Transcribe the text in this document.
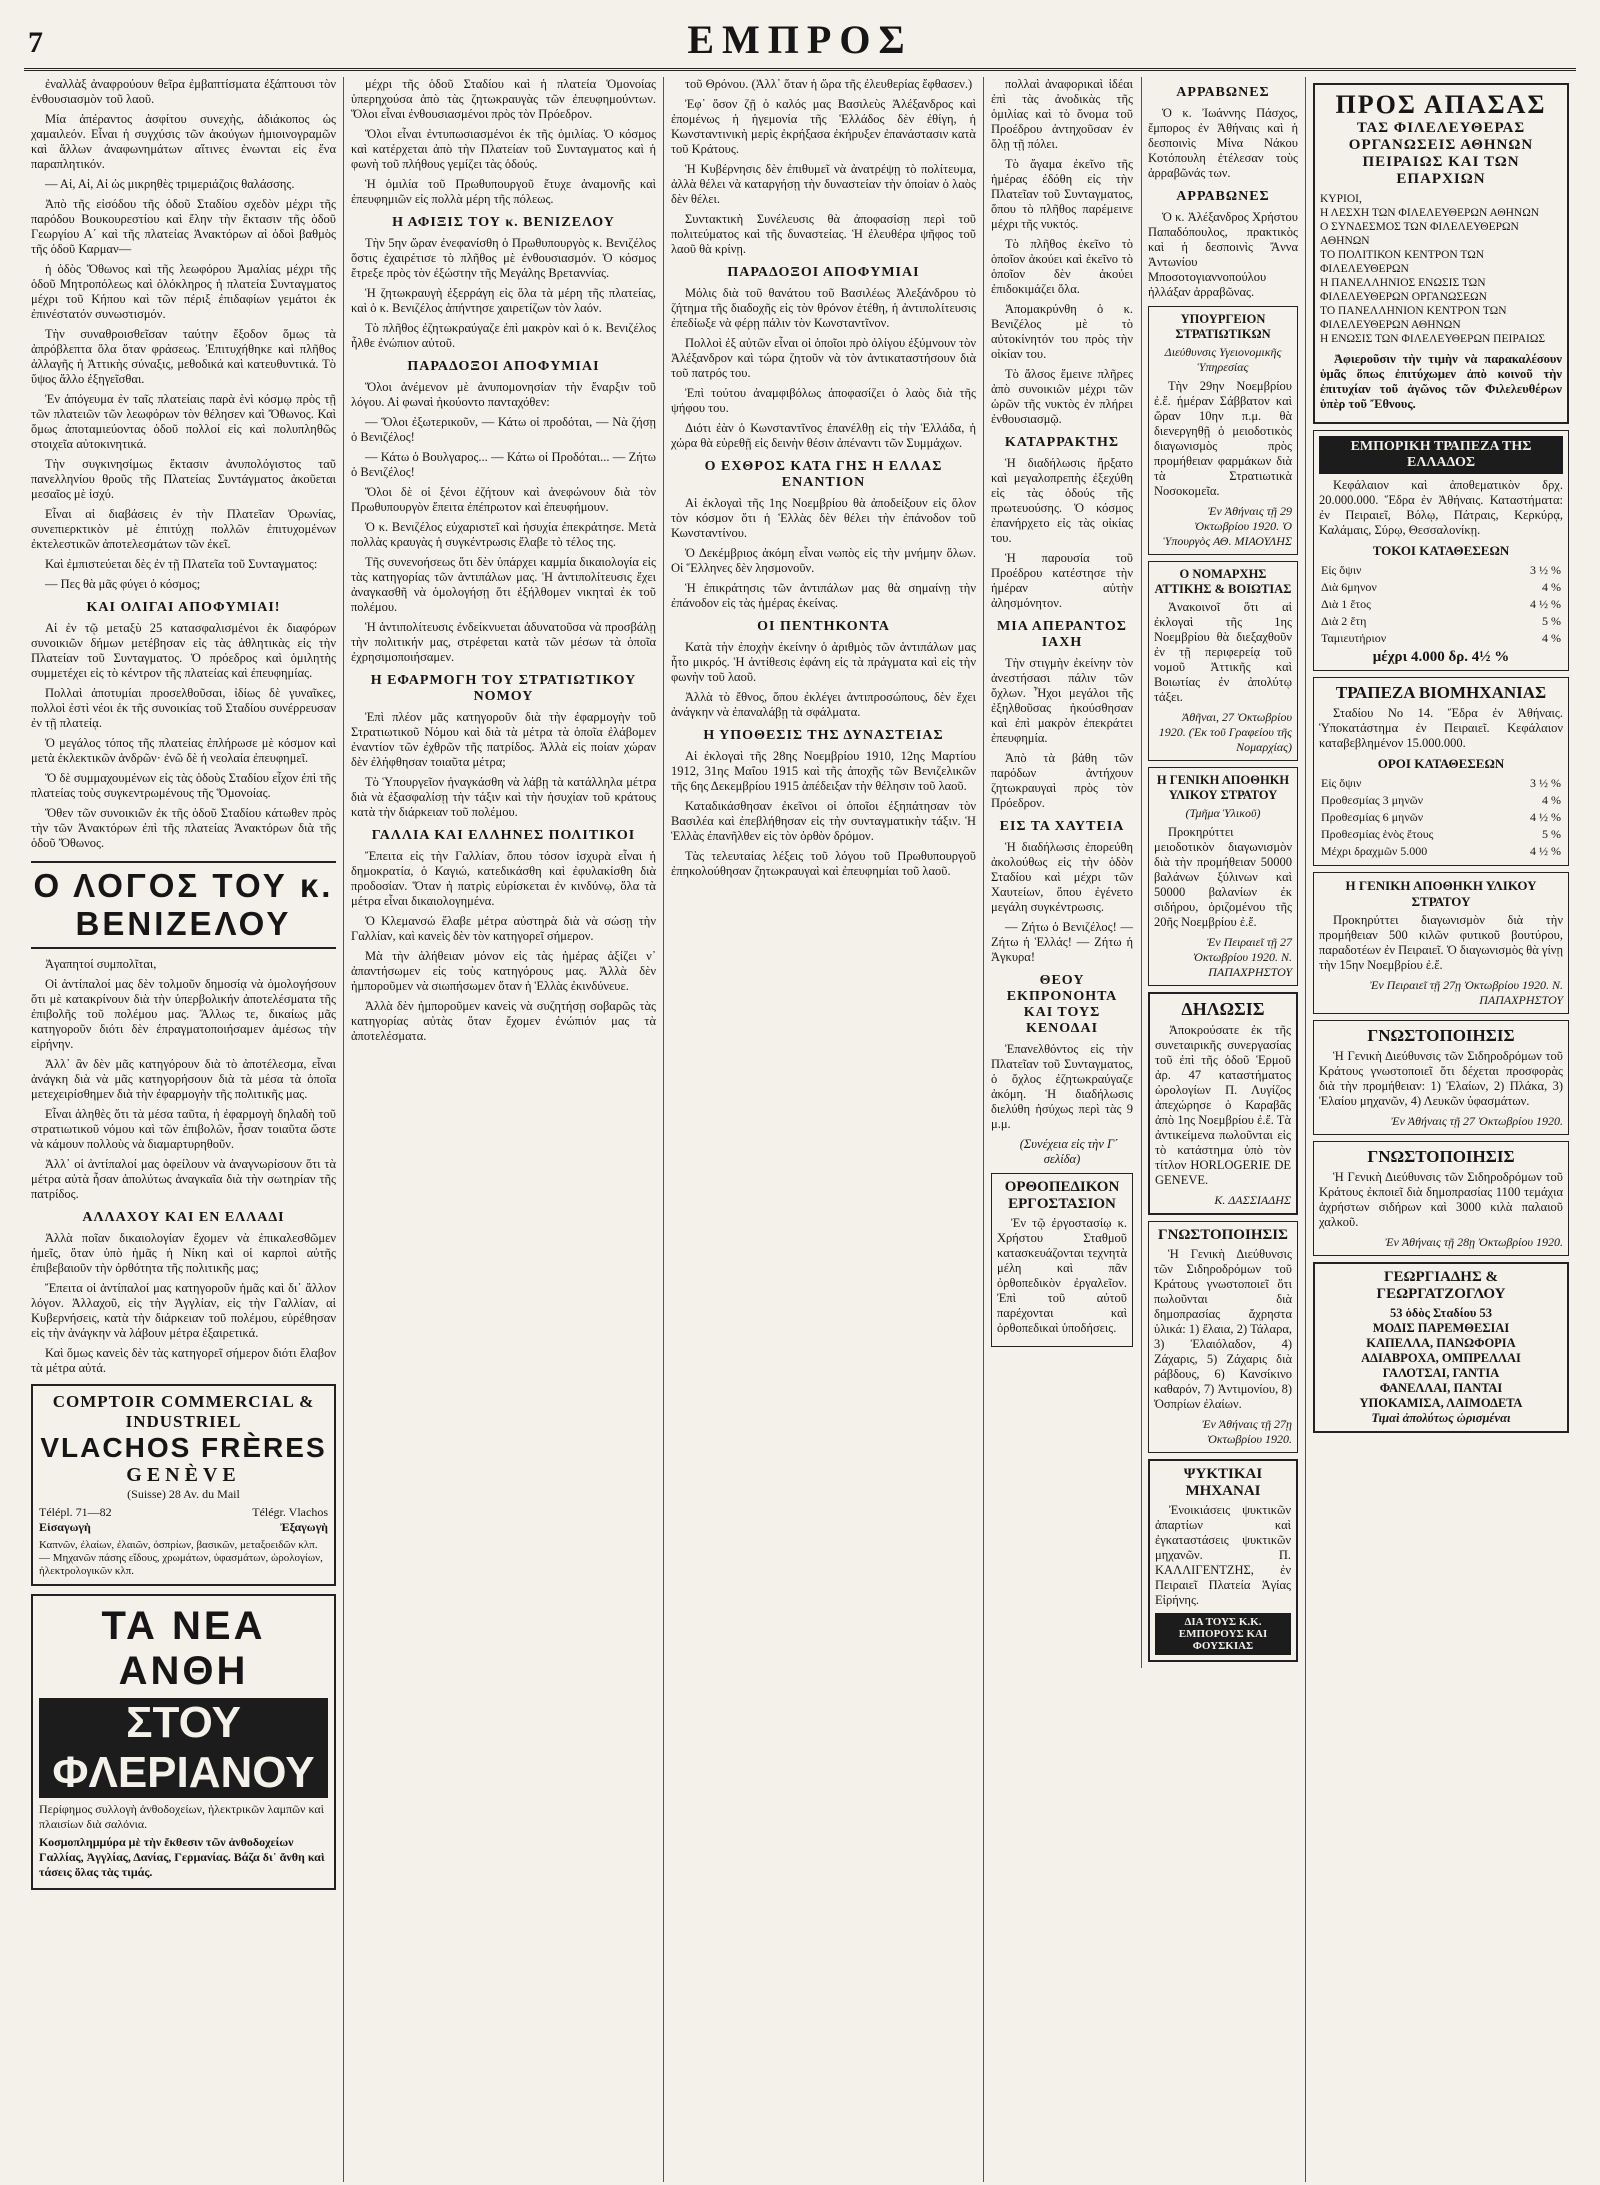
7	ΕΜΠΡΟΣ

ἐναλλὰξ ἀναφρούουν θεῖρα ἐμβαπτίσματα ἐξάπτουσι τὸν ἐνθουσιασμὸν τοῦ λαοῦ.

Μία ἀπέραντος ἀσφίτου συνεχὴς, ἀδιάκοπος ὡς χαμαιλεόν. Εἶναι ἡ συγχύσις τῶν ἀκούγων ἡμιοινογραμῶν καὶ ἄλλων ἀναφωνημάτων αἵτινες ἐνωνται εἰς ἕνα παραπλητικόν.

— Αἱ, Αἱ, Αἱ ὡς μικρηθὲς τριμεριάζοις θαλάσσης.

Ἀπὸ τῆς εἰσόδου τῆς ὁδοῦ Σταδίου σχεδὸν μέχρι τῆς παρόδου Βουκουρεστίου καὶ ἔλην τὴν ἔκτασιν τῆς ὁδοῦ Γεωργίου Α΄ καὶ τῆς πλατείας Ἀνακτόρων αἱ ὁδοὶ βαθμὸς τῆς ὁδοῦ Καρμαν—

ἡ ὁδὸς Ὄθωνος καὶ τῆς λεωφόρου Ἀμαλίας μέχρι τῆς ὁδοῦ Μητροπόλεως καὶ ὁλόκληρος ἡ πλατεία Συνταγματος μέχρι τοῦ Κήπου καὶ τῶν πέριξ ἐπιδαφίων γεμάτοι ἐκ ἐπινέστατόν συνωστισμόν.

Τὴν συναθροισθεῖσαν ταύτην ἔξοδον ὅμως τὰ ἀπρόβλεπτα ὅλα ὅταν φράσεως. Ἐπιτυχήθηκε καὶ πλῆθος ἀλλαγῆς ἡ Ἀττικὴς σύναξις, μεθοδικά καὶ κατευθυντικά. Τὸ ὕψος ἄλλο ἐξηγεῖσθαι.

Ἐν ἀπόγευμα ἐν ταῖς πλατείαις παρὰ ἑνὶ κόσμῳ πρὸς τῇ τῶν πλατειῶν τῶν λεωφόρων τὸν θέλησεν καὶ Ὄθωνος. Καὶ ὅμως ἀποταμιεύοντας ὁδοῦ πολλοί εἰς καὶ πολυπληθῶς στοιχεῖα αὐτοκινητικά.

Τὴν συγκινησίμως ἔκτασιν ἀνυπολόγιστος ταῦ πανελληνίου θροῦς τῆς Πλατείας Συντάγματος ἀκοῦεται μεσαῖος μὲ ἰσχύ.

Εἶναι αἱ διαβάσεις ἐν τὴν Πλατεῖαν Ὀρωνίας, συνεπιερκτικὸν μὲ ἐπιτύχῃ πολλῶν ἐπιτυχομένων ἐκτελεστικῶν ἀποτελεσμάτων τῶν ἐκεῖ.

Καὶ ἐμπιστεύεται δὲς ἐν τῇ Πλατεῖα τοῦ Συνταγματος:

— Πες θὰ μᾶς φύγει ὁ κόσμος;

ΚΑΙ ΟΛΙΓΑΙ ΑΠΟΦΥΜΙΑΙ!

Αἱ ἐν τῷ μεταξὺ 25 κατασφαλισμένοι ἐκ διαφόρων συνοικιῶν δήμων μετέβησαν εἰς τὰς ἀθλητικὰς εἰς τὴν Πλατείαν τοῦ Συνταγματος. Ὁ πρόεδρος καὶ ὁμιλητὴς συμμετέχει εἰς τὸ κέντρον τῆς πλατείας καὶ ἐπευφημίας.

Πολλαὶ ἀποτυμίαι προσελθοῦσαι, ἰδίως δὲ γυναῖκες, πολλοὶ ἐστὶ νέοι ἐκ τῆς συνοικίας τοῦ Σταδίου συνέρρευσαν ἐν τῇ πλατείᾳ.

Ὁ μεγάλος τόπος τῆς πλατείας ἐπλήρωσε μὲ κόσμον καὶ μετὰ ἐκλεκτικῶν ἀνδρῶν· ἐνῶ δὲ ἡ νεολαία ἐπευφημεῖ.

Ὅ δὲ συμμαχουμένων εἰς τὰς ὁδοὺς Σταδίου εἶχον ἐπὶ τῆς πλατείας τοὺς συγκεντρωμένους τῆς Ὅμονοίας.

Ὅθεν τῶν συνοικιῶν ἐκ τῆς ὁδοῦ Σταδίου κάτωθεν πρὸς τὴν τῶν Ἀνακτόρων ἐπὶ τῆς πλατείας Ἀνακτόρων διὰ τῆς ὁδοῦ Ὄθωνος.

Ο ΛΟΓΟΣ ΤΟΥ κ. ΒΕΝΙΖΕΛΟΥ

Ἀγαπητοί συμπολῖται,

Οἱ ἀντίπαλοί μας δὲν τολμοῦν δημοσίᾳ νὰ ὁμολογήσουν ὅτι μὲ κατακρίνουν διὰ τὴν ὑπερβολικήν ἀποτελέσματα τῆς ἐπιβολῆς τοῦ πολέμου μας. Ἄλλως τε, δικαίως μᾶς κατηγοροῦν διότι δὲν ἐπραγματοποιήσαμεν ἀμέσως τὴν εἰρήνην.

Ἀλλ᾽ ἂν δὲν μᾶς κατηγόρουν διὰ τὸ ἀποτέλεσμα, εἶναι ἀνάγκη διὰ νὰ μᾶς κατηγορήσουν διὰ τὰ μέσα τὰ ὁποῖα μετεχειρίσθημεν διὰ τὴν ἐφαρμογὴν τῆς πολιτικῆς μας.

Εἶναι ἀληθὲς ὅτι τὰ μέσα ταῦτα, ἡ ἐφαρμογὴ δηλαδὴ τοῦ στρατιωτικοῦ νόμου καὶ τῶν ἐπιβολῶν, ἦσαν τοιαῦτα ὥστε νὰ κάμουν πολλοὺς νὰ διαμαρτυρηθοῦν.

Ἀλλ᾽ οἱ ἀντίπαλοί μας ὀφείλουν νὰ ἀναγνωρίσουν ὅτι τὰ μέτρα αὐτὰ ἦσαν ἀπολύτως ἀναγκαῖα διὰ τὴν σωτηρίαν τῆς πατρίδος.

ΑΛΛΑΧΟΥ ΚΑΙ ΕΝ ΕΛΛΑΔΙ

Ἀλλὰ ποῖαν δικαιολογίαν ἔχομεν νὰ ἐπικαλεσθῶμεν ἡμεῖς, ὅταν ὑπὸ ἡμᾶς ἡ Νίκη καὶ οἱ καρποὶ αὐτῆς ἐπιβεβαιοῦν τὴν ὀρθότητα τῆς πολιτικῆς μας;

Ἔπειτα οἱ ἀντίπαλοί μας κατηγοροῦν ἡμᾶς καὶ δι᾽ ἄλλον λόγον. Ἀλλαχοῦ, εἰς τὴν Ἀγγλίαν, εἰς τὴν Γαλλίαν, αἱ Κυβερνήσεις, κατὰ τὴν διάρκειαν τοῦ πολέμου, εὑρέθησαν εἰς τὴν ἀνάγκην νὰ λάβουν μέτρα ἐξαιρετικά.

Καὶ ὅμως κανεὶς δὲν τὰς κατηγορεῖ σήμερον διότι ἔλαβον τὰ μέτρα αὐτά.

COMPTOIR COMMERCIAL & INDUSTRIEL
VLACHOS FRÈRES
GENÈVE
(Suisse) 28 Av. du Mail
Télépl. 71—82	Télégr. Vlachos
Εἰσαγωγὴ	Ἐξαγωγὴ
Καπνῶν, ἐλαίων, ἐλαιῶν, ὀσπρίων, βασικῶν, μεταξοειδῶν κλπ. — Μηχανῶν πάσης εἴδους, χρωμάτων, ὑφασμάτων, ὡρολογίων, ἠλεκτρολογικῶν κλπ.
ΤΑ ΝΕΑ ΑΝΘΗ
ΣΤΟΥ ΦΛΕΡΙΑΝΟΥ
Περίφημος συλλογὴ ἀνθοδοχείων, ἠλεκτρικῶν λαμπῶν καὶ πλαισίων διὰ σαλόνια.
Κοσμοπλημμύρα μὲ τὴν ἔκθεσιν τῶν ἀνθοδοχείων Γαλλίας, Ἀγγλίας, Δανίας, Γερμανίας. Βάζα δι᾽ ἄνθη καὶ τάσεις ὅλας τὰς τιμάς.

μέχρι τῆς ὁδοῦ Σταδίου καὶ ἡ πλατεία Ὁμονοίας ὑπερηχούσα ἀπὸ τὰς ζητωκραυγὰς τῶν ἐπευφημούντων. Ὅλοι εἶναι ἐνθουσιασμένοι πρὸς τὸν Πρόεδρον.

Ὅλοι εἶναι ἐντυπωσιασμένοι ἐκ τῆς ὁμιλίας. Ὁ κόσμος καὶ κατέρχεται ἀπὸ τὴν Πλατείαν τοῦ Συνταγματος καὶ ἡ φωνὴ τοῦ πλήθους γεμίζει τὰς ὁδούς.

Ἡ ὁμιλία τοῦ Πρωθυπουργοῦ ἔτυχε ἀναμονῆς καὶ ἐπευφημιῶν εἰς πολλὰ μέρη τῆς πόλεως.

Η ΑΦΙΞΙΣ ΤΟΥ κ. ΒΕΝΙΖΕΛΟΥ

Τὴν 5ην ὥραν ἐνεφανίσθη ὁ Πρωθυπουργὸς κ. Βενιζέλος ὅστις ἐχαιρέτισε τὸ πλῆθος μὲ ἐνθουσιασμόν. Ὁ κόσμος ἔτρεξε πρὸς τὸν ἐξώστην τῆς Μεγάλης Βρεταννίας.

Ἡ ζητωκραυγὴ ἐξερράγη εἰς ὅλα τὰ μέρη τῆς πλατείας, καὶ ὁ κ. Βενιζέλος ἀπήντησε χαιρετίζων τὸν λαόν.

Τὸ πλῆθος ἐζητωκραύγαζε ἐπὶ μακρὸν καὶ ὁ κ. Βενιζέλος ἦλθε ἐνώπιον αὐτοῦ.

ΠΑΡΑΔΟΞΟΙ ΑΠΟΦΥΜΙΑΙ

Ὅλοι ἀνέμενον μὲ ἀνυπομονησίαν τὴν ἔναρξιν τοῦ λόγου. Αἱ φωναὶ ἠκούοντο πανταχόθεν:

— Ὅλοι ἐξωτερικοῦν, — Κάτω οἱ προδόται, — Νὰ ζήσῃ ὁ Βενιζέλος!

— Κάτω ὁ Βουλγαρος... — Κάτω οἱ Προδόται... — Ζήτω ὁ Βενιζέλος!

Ὅλοι δὲ οἱ ξένοι ἐζήτουν καὶ ἀνεφώνουν διὰ τὸν Πρωθυπουργὸν ἔπειτα ἐπέπρωτον καὶ ἐπευφήμουν.

Ὁ κ. Βενιζέλος εὐχαριστεῖ καὶ ἡσυχία ἐπεκράτησε. Μετὰ πολλὰς κραυγὰς ἡ συγκέντρωσις ἔλαβε τὸ τέλος της.

Τῆς συνενοήσεως ὅτι δὲν ὑπάρχει καμμία δικαιολογία εἰς τὰς κατηγορίας τῶν ἀντιπάλων μας. Ἡ ἀντιπολίτευσις ἔχει ἀναγκασθῆ νὰ ὁμολογήσῃ ὅτι ἐξήλθομεν νικηταὶ ἐκ τοῦ πολέμου.

Ἡ ἀντιπολίτευσις ἐνδείκνυεται ἀδυνατοῦσα νὰ προσβάλῃ τὴν πολιτικήν μας, στρέφεται κατὰ τῶν μέσων τὰ ὁποῖα ἐχρησιμοποιήσαμεν.

Η ΕΦΑΡΜΟΓΗ ΤΟΥ ΣΤΡΑΤΙΩΤΙΚΟΥ ΝΟΜΟΥ

Ἐπὶ πλέον μᾶς κατηγοροῦν διὰ τὴν ἐφαρμογὴν τοῦ Στρατιωτικοῦ Νόμου καὶ διὰ τὰ μέτρα τὰ ὁποῖα ἐλάβομεν ἐναντίον τῶν ἐχθρῶν τῆς πατρίδος. Ἀλλὰ εἰς ποίαν χώραν δὲν ἐλήφθησαν τοιαῦτα μέτρα;

Τὸ Ὑπουργεῖον ἠναγκάσθη νὰ λάβῃ τὰ κατάλληλα μέτρα διὰ νὰ ἐξασφαλίσῃ τὴν τάξιν καὶ τὴν ἡσυχίαν τοῦ κράτους κατὰ τὴν διάρκειαν τοῦ πολέμου.

ΓΑΛΛΙΑ ΚΑΙ ΕΛΛΗΝΕΣ ΠΟΛΙΤΙΚΟΙ

Ἔπειτα εἰς τὴν Γαλλίαν, ὅπου τόσον ἰσχυρὰ εἶναι ἡ δημοκρατία, ὁ Καγιώ, κατεδικάσθη καὶ ἐφυλακίσθη διὰ προδοσίαν. Ὅταν ἡ πατρὶς εὑρίσκεται ἐν κινδύνῳ, ὅλα τὰ μέτρα εἶναι δικαιολογημένα.

Ὁ Κλεμανσώ ἔλαβε μέτρα αὐστηρὰ διὰ νὰ σώσῃ τὴν Γαλλίαν, καὶ κανεὶς δὲν τὸν κατηγορεῖ σήμερον.

Μὰ τὴν ἀλήθειαν μόνον εἰς τὰς ἡμέρας ἀξίζει ν᾽ ἀπαντήσωμεν εἰς τοὺς κατηγόρους μας. Ἀλλὰ δὲν ἠμποροῦμεν νὰ σιωπήσωμεν ὅταν ἡ Ἑλλὰς ἐκινδύνευε.

Ἀλλὰ δὲν ἠμποροῦμεν κανεὶς νὰ συζητήσῃ σοβαρῶς τὰς κατηγορίας αὐτὰς ὅταν ἔχομεν ἐνώπιόν μας τὰ ἀποτελέσματα.

τοῦ Θρόνου. (Ἀλλ᾽ ὅταν ἡ ὥρα τῆς ἐλευθερίας ἔφθασεν.)

Ἐφ᾽ ὅσον ζῇ ὁ καλός μας Βασιλεὺς Ἀλέξανδρος καὶ ἐπομένως ἡ ἡγεμονία τῆς Ἑλλάδος δὲν ἐθίγη, ἡ Κωνσταντινικὴ μερὶς ἐκρήξασα ἐκήρυξεν ἐπανάστασιν κατὰ τοῦ Κράτους.

Ἡ Κυβέρνησις δὲν ἐπιθυμεῖ νὰ ἀνατρέψῃ τὸ πολίτευμα, ἀλλὰ θέλει νὰ καταργήσῃ τὴν δυναστείαν τὴν ὁποίαν ὁ λαὸς δὲν θέλει.

Συντακτικὴ Συνέλευσις θὰ ἀποφασίσῃ περὶ τοῦ πολιτεύματος καὶ τῆς δυναστείας. Ἡ ἐλευθέρα ψῆφος τοῦ λαοῦ θὰ κρίνῃ.

ΠΑΡΑΔΟΞΟΙ ΑΠΟΦΥΜΙΑΙ

Μόλις διὰ τοῦ θανάτου τοῦ Βασιλέως Ἀλεξάνδρου τὸ ζήτημα τῆς διαδοχῆς εἰς τὸν θρόνον ἐτέθη, ἡ ἀντιπολίτευσις ἐπεδίωξε νὰ φέρῃ πάλιν τὸν Κωνσταντῖνον.

Πολλοὶ ἐξ αὐτῶν εἶναι οἱ ὁποῖοι πρὸ ὀλίγου ἐξύμνουν τὸν Ἀλέξανδρον καὶ τώρα ζητοῦν νὰ τὸν ἀντικαταστήσουν διὰ τοῦ πατρός του.

Ἐπὶ τούτου ἀναμφιβόλως ἀποφασίζει ὁ λαὸς διὰ τῆς ψήφου του.

Διότι ἐὰν ὁ Κωνσταντῖνος ἐπανέλθῃ εἰς τὴν Ἑλλάδα, ἡ χώρα θὰ εὑρεθῇ εἰς δεινὴν θέσιν ἀπέναντι τῶν Συμμάχων.

Ο ΕΧΘΡΟΣ ΚΑΤΑ ΓΗΣ Η ΕΛΛΑΣ ΕΝΑΝΤΙΟΝ

Αἱ ἐκλογαὶ τῆς 1ης Νοεμβρίου θὰ ἀποδείξουν εἰς ὅλον τὸν κόσμον ὅτι ἡ Ἑλλὰς δὲν θέλει τὴν ἐπάνοδον τοῦ Κωνσταντίνου.

Ὁ Δεκέμβριος ἀκόμη εἶναι νωπὸς εἰς τὴν μνήμην ὅλων. Οἱ Ἕλληνες δὲν λησμονοῦν.

Ἡ ἐπικράτησις τῶν ἀντιπάλων μας θὰ σημαίνῃ τὴν ἐπάνοδον εἰς τὰς ἡμέρας ἐκείνας.

ΟΙ ΠΕΝΤΗΚΟΝΤΑ

Κατὰ τὴν ἐποχὴν ἐκείνην ὁ ἀριθμὸς τῶν ἀντιπάλων μας ἦτο μικρός. Ἡ ἀντίθεσις ἐφάνη εἰς τὰ πράγματα καὶ εἰς τὴν φωνὴν τοῦ λαοῦ.

Ἀλλὰ τὸ ἔθνος, ὅπου ἐκλέγει ἀντιπροσώπους, δὲν ἔχει ἀνάγκην νὰ ἐπαναλάβῃ τὰ σφάλματα.

Η ΥΠΟΘΕΣΙΣ ΤΗΣ ΔΥΝΑΣΤΕΙΑΣ

Αἱ ἐκλογαὶ τῆς 28ης Νοεμβρίου 1910, 12ης Μαρτίου 1912, 31ης Μαΐου 1915 καὶ τῆς ἀποχῆς τῶν Βενιζελικῶν τῆς 6ης Δεκεμβρίου 1915 ἀπέδειξαν τὴν θέλησιν τοῦ λαοῦ.

Καταδικάσθησαν ἐκεῖνοι οἱ ὁποῖοι ἐξηπάτησαν τὸν Βασιλέα καὶ ἐπεβλήθησαν εἰς τὴν συνταγματικὴν τάξιν. Ἡ Ἑλλὰς ἐπανῆλθεν εἰς τὸν ὀρθὸν δρόμον.

Τὰς τελευταίας λέξεις τοῦ λόγου τοῦ Πρωθυπουργοῦ ἐπηκολούθησαν ζητωκραυγαὶ καὶ ἐπευφημίαι τοῦ λαοῦ.

πολλαὶ ἀναφορικαὶ ἰδέαι ἐπὶ τὰς ἀνοδικὰς τῆς ὁμιλίας καὶ τὸ ὄνομα τοῦ Προέδρου ἀντηχοῦσαν ἐν ὅλῃ τῇ πόλει.

Τὸ ἄγαμα ἐκεῖνο τῆς ἡμέρας ἐδόθη εἰς τὴν Πλατεῖαν τοῦ Συνταγματος, ὅπου τὸ πλῆθος παρέμεινε μέχρι τῆς νυκτός.

Τὸ πλῆθος ἐκεῖνο τὸ ὁποῖον ἀκούει καὶ ἐκεῖνο τὸ ὁποῖον δὲν ἀκούει ἐπιδοκιμάζει ὅλα.

Ἀπομακρύνθη ὁ κ. Βενιζέλος μὲ τὸ αὐτοκίνητόν του πρὸς τὴν οἰκίαν του.

Τὸ ἄλσος ἔμεινε πλῆρες ἀπὸ συνοικιῶν μέχρι τῶν ὡρῶν τῆς νυκτὸς ἐν πλήρει ἐνθουσιασμῷ.

ΚΑΤΑΡΡΑΚΤΗΣ

Ἡ διαδήλωσις ἤρξατο καὶ μεγαλοπρεπὴς ἐξεχύθη εἰς τὰς ὁδούς τῆς πρωτευούσης. Ὁ κόσμος ἐπανήρχετο εἰς τὰς οἰκίας του.

Ἡ παρουσία τοῦ Προέδρου κατέστησε τὴν ἡμέραν αὐτὴν ἀλησμόνητον.

ΜΙΑ ΑΠΕΡΑΝΤΟΣ ΙΑΧΗ

Τὴν στιγμὴν ἐκείνην τὸν ἀνεστήσασι πάλιν τῶν ὄχλων. Ἦχοι μεγάλοι τῆς ἐξηλθοῦσας ἠκούσθησαν καὶ ἐπὶ μακρὸν ἐπεκράτει ἐπευφημία.

Ἀπὸ τὰ βάθη τῶν παρόδων ἀντήχουν ζητωκραυγαὶ πρὸς τὸν Πρόεδρον.

ΕΙΣ ΤΑ ΧΑΥΤΕΙΑ

Ἡ διαδήλωσις ἐπορεύθη ἀκολούθως εἰς τὴν ὁδὸν Σταδίου καὶ μέχρι τῶν Χαυτείων, ὅπου ἐγένετο μεγάλη συγκέντρωσις.

— Ζήτω ὁ Βενιζέλος! — Ζήτω ἡ Ἑλλάς! — Ζήτω ἡ Ἀγκυρα!

ΘΕΟΥ ΕΚΠΡΟΝΟΗΤΑ ΚΑΙ ΤΟΥΣ ΚΕΝΟΔΑΙ

Ἐπανελθόντος εἰς τὴν Πλατεῖαν τοῦ Συνταγματος, ὁ ὄχλος ἐζητωκραύγαζε ἀκόμη. Ἡ διαδήλωσις διελύθη ἡσύχως περὶ τὰς 9 μ.μ.

(Συνέχεια εἰς τὴν Γ΄ σελίδα)

ΟΡΘΟΠΕΔΙΚΟΝ ΕΡΓΟΣΤΑΣΙΟΝ

Ἐν τῷ ἐργοστασίῳ κ. Χρήστου Σταθμοῦ κατασκευάζονται τεχνητὰ μέλη καὶ πᾶν ὀρθοπεδικὸν ἐργαλεῖον. Ἐπὶ τοῦ αὐτοῦ παρέχονται καὶ ὀρθοπεδικαὶ ὑποδήσεις.

ΑΡΡΑΒΩΝΕΣ

Ὁ κ. Ἰωάννης Πάσχος, ἔμπορος ἐν Ἀθήναις καὶ ἡ δεσποινὶς Μίνα Νάκου Κοτόπουλη ἐτέλεσαν τοὺς ἀρραβῶνάς των.

ΑΡΡΑΒΩΝΕΣ

Ὁ κ. Ἀλέξανδρος Χρήστου Παπαδόπουλος, πρακτικὸς καὶ ἡ δεσποινὶς Ἄννα Ἀντωνίου Μποσοτογιαννοπούλου ἠλλάξαν ἀρραβῶνας.

ΥΠΟΥΡΓΕΙΟΝ ΣΤΡΑΤΙΩΤΙΚΩΝ
Διεύθυνσις Υγειονομικῆς Ὑπηρεσίας

Τὴν 29ην Νοεμβρίου ἐ.ἔ. ἡμέραν Σάββατον καὶ ὥραν 10ην π.μ. θὰ διενεργηθῇ ὁ μειοδοτικὸς διαγωνισμὸς πρὸς προμήθειαν φαρμάκων διὰ τὰ Στρατιωτικὰ Νοσοκομεῖα.

Ἐν Ἀθήναις τῇ 29 Ὀκτωβρίου 1920. Ὁ Ὑπουργὸς ΑΘ. ΜΙΑΟΥΛΗΣ
Ο ΝΟΜΑΡΧΗΣ ΑΤΤΙΚΗΣ & ΒΟΙΩΤΙΑΣ

Ἀνακοινοῖ ὅτι αἱ ἐκλογαὶ τῆς 1ης Νοεμβρίου θὰ διεξαχθοῦν ἐν τῇ περιφερείᾳ τοῦ νομοῦ Ἀττικῆς καὶ Βοιωτίας ἐν ἀπολύτῳ τάξει.

Ἀθῆναι, 27 Ὀκτωβρίου 1920. (Ἐκ τοῦ Γραφείου τῆς Νομαρχίας)
Η ΓΕΝΙΚΗ ΑΠΟΘΗΚΗ ΥΛΙΚΟΥ ΣΤΡΑΤΟΥ
(Τμῆμα Ὑλικοῦ)

Προκηρύττει μειοδοτικὸν διαγωνισμὸν διὰ τὴν προμήθειαν 50000 βαλάνων ξύλινων καὶ 50000 βαλανίων ἐκ σιδήρου, ὁριζομένου τῆς 20ῆς Νοεμβρίου ἐ.ἔ.

Ἐν Πειραιεῖ τῇ 27 Ὀκτωβρίου 1920. Ν. ΠΑΠΑΧΡΗΣΤΟΥ
ΔΗΛΩΣΙΣ

Ἀποκρούσατε ἐκ τῆς συνεταιρικῆς συνεργασίας τοῦ ἐπὶ τῆς ὁδοῦ Ἑρμοῦ ἀρ. 47 καταστήματος ὡρολογίων Π. Λυγίζος ἀπεχώρησε ὁ Καραβᾶς ἀπὸ 1ης Νοεμβρίου ἐ.ἔ. Τὰ ἀντικείμενα πωλοῦνται εἰς τὸ κατάστημα ὑπὸ τὸν τίτλον HORLOGERIE DE GENEVE.

Κ. ΔΑΣΣΙΑΔΗΣ
ΓΝΩΣΤΟΠΟΙΗΣΙΣ

Ἡ Γενικὴ Διεύθυνσις τῶν Σιδηροδρόμων τοῦ Κράτους γνωστοποιεῖ ὅτι πωλοῦνται διὰ δημοπρασίας ἄχρηστα ὑλικά: 1) ἔλαια, 2) Τάλαρα, 3) Ἐλαιόλαδον, 4) Ζάχαρις, 5) Ζάχαρις διὰ ράβδους, 6) Κανσίκινο καθαρόν, 7) Ἀντιμονίου, 8) Ὀσπρίων ἐλαίων.

Ἐν Ἀθήναις τῇ 27ῃ Ὀκτωβρίου 1920.
ΨΥΚΤΙΚΑΙ ΜΗΧΑΝΑΙ

Ἐνοικιάσεις ψυκτικῶν ἀπαρτίων καὶ ἐγκαταστάσεις ψυκτικῶν μηχανῶν. Π. ΚΑΛΛΙΓΕΝΤΖΗΣ, ἐν Πειραιεῖ Πλατεία Ἁγίας Εἰρήνης.

ΔΙΑ ΤΟΥΣ Κ.Κ. ΕΜΠΟΡΟΥΣ ΚΑΙ ΦΟΥΣΚΙΑΣ
ΠΡΟΣ ΑΠΑΣΑΣ
ΤΑΣ ΦΙΛΕΛΕΥΘΕΡΑΣ ΟΡΓΑΝΩΣΕΙΣ ΑΘΗΝΩΝ ΠΕΙΡΑΙΩΣ ΚΑΙ ΤΩΝ ΕΠΑΡΧΙΩΝ
ΚΥΡΙΟΙ,
Η ΛΕΣΧΗ ΤΩΝ ΦΙΛΕΛΕΥΘΕΡΩΝ ΑΘΗΝΩΝ
Ο ΣΥΝΔΕΣΜΟΣ ΤΩΝ ΦΙΛΕΛΕΥΘΕΡΩΝ ΑΘΗΝΩΝ
ΤΟ ΠΟΛΙΤΙΚΟΝ ΚΕΝΤΡΟΝ ΤΩΝ ΦΙΛΕΛΕΥΘΕΡΩΝ
Η ΠΑΝΕΛΛΗΝΙΟΣ ΕΝΩΣΙΣ ΤΩΝ ΦΙΛΕΛΕΥΘΕΡΩΝ ΟΡΓΑΝΩΣΕΩΝ
ΤΟ ΠΑΝΕΛΛΗΝΙΟΝ ΚΕΝΤΡΟΝ ΤΩΝ ΦΙΛΕΛΕΥΘΕΡΩΝ ΑΘΗΝΩΝ
Η ΕΝΩΣΙΣ ΤΩΝ ΦΙΛΕΛΕΥΘΕΡΩΝ ΠΕΙΡΑΙΩΣ

Ἀφιεροῦσιν τὴν τιμὴν νὰ παρακαλέσουν ὑμᾶς ὅπως ἐπιτύχωμεν ἀπὸ κοινοῦ τὴν ἐπιτυχίαν τοῦ ἀγῶνος τῶν Φιλελευθέρων ὑπὲρ τοῦ Ἔθνους.

ΕΜΠΟΡΙΚΗ ΤΡΑΠΕΖΑ ΤΗΣ ΕΛΛΑΔΟΣ

Κεφάλαιον καὶ ἀποθεματικὸν δρχ. 20.000.000. Ἕδρα ἐν Ἀθήναις. Καταστήματα: ἐν Πειραιεῖ, Βόλῳ, Πάτραις, Κερκύρᾳ, Καλάμαις, Σύρῳ, Θεσσαλονίκῃ.

ΤΟΚΟΙ ΚΑΤΑΘΕΣΕΩΝ
Εἰς ὄψιν	3 ½ %
Διὰ 6μηνον	4 %
Διὰ 1 ἔτος	4 ½ %
Διὰ 2 ἔτη	5 %
Ταμιευτήριον	4 %
μέχρι 4.000 δρ. 4½ %
ΤΡΑΠΕΖΑ ΒΙΟΜΗΧΑΝΙΑΣ

Σταδίου Νο 14. Ἕδρα ἐν Ἀθήναις. Ὑποκατάστημα ἐν Πειραιεῖ. Κεφάλαιον καταβεβλημένον 15.000.000.

ΟΡΟΙ ΚΑΤΑΘΕΣΕΩΝ
Εἰς ὄψιν	3 ½ %
Προθεσμίας 3 μηνῶν	4 %
Προθεσμίας 6 μηνῶν	4 ½ %
Προθεσμίας ἑνὸς ἔτους	5 %
Μέχρι δραχμῶν 5.000	4 ½ %
Η ΓΕΝΙΚΗ ΑΠΟΘΗΚΗ ΥΛΙΚΟΥ ΣΤΡΑΤΟΥ

Προκηρύττει διαγωνισμὸν διὰ τὴν προμήθειαν 500 κιλῶν φυτικοῦ βουτύρου, παραδοτέων ἐν Πειραιεῖ. Ὁ διαγωνισμὸς θὰ γίνῃ τὴν 15ην Νοεμβρίου ἐ.ἔ.

Ἐν Πειραιεῖ τῇ 27ῃ Ὀκτωβρίου 1920. Ν. ΠΑΠΑΧΡΗΣΤΟΥ
ΓΝΩΣΤΟΠΟΙΗΣΙΣ

Ἡ Γενικὴ Διεύθυνσις τῶν Σιδηροδρόμων τοῦ Κράτους γνωστοποιεῖ ὅτι δέχεται προσφορὰς διὰ τὴν προμήθειαν: 1) Ἐλαίων, 2) Πλάκα, 3) Ἐλαίου μηχανῶν, 4) Λευκῶν ὑφασμάτων.

Ἐν Ἀθήναις τῇ 27 Ὀκτωβρίου 1920.
ΓΝΩΣΤΟΠΟΙΗΣΙΣ

Ἡ Γενικὴ Διεύθυνσις τῶν Σιδηροδρόμων τοῦ Κράτους ἐκποιεῖ διὰ δημοπρασίας 1100 τεμάχια ἀχρήστων σιδήρων καὶ 3000 κιλὰ παλαιοῦ χαλκοῦ.

Ἐν Ἀθήναις τῇ 28ῃ Ὀκτωβρίου 1920.
ΓΕΩΡΓΙΑΔΗΣ & ΓΕΩΡΓΑΤΖΟΓΛΟΥ
53 ὁδὸς Σταδίου 53
ΜΟΔΙΣ ΠΑΡΕΜΘΕΣΙΑΙ
ΚΑΠΕΛΛΑ, ΠΑΝΩΦΟΡΙΑ
ΑΔΙΑΒΡΟΧΑ, ΟΜΠΡΕΛΛΑΙ
ΓΑΛΟΤΣΑΙ, ΓΑΝΤΙΑ
ΦΑΝΕΛΛΑΙ, ΠΑΝΤΑΙ
ΥΠΟΚΑΜΙΣΑ, ΛΑΙΜΟΔΕΤΑ
Τιμαὶ ἀπολύτως ὡρισμέναι
